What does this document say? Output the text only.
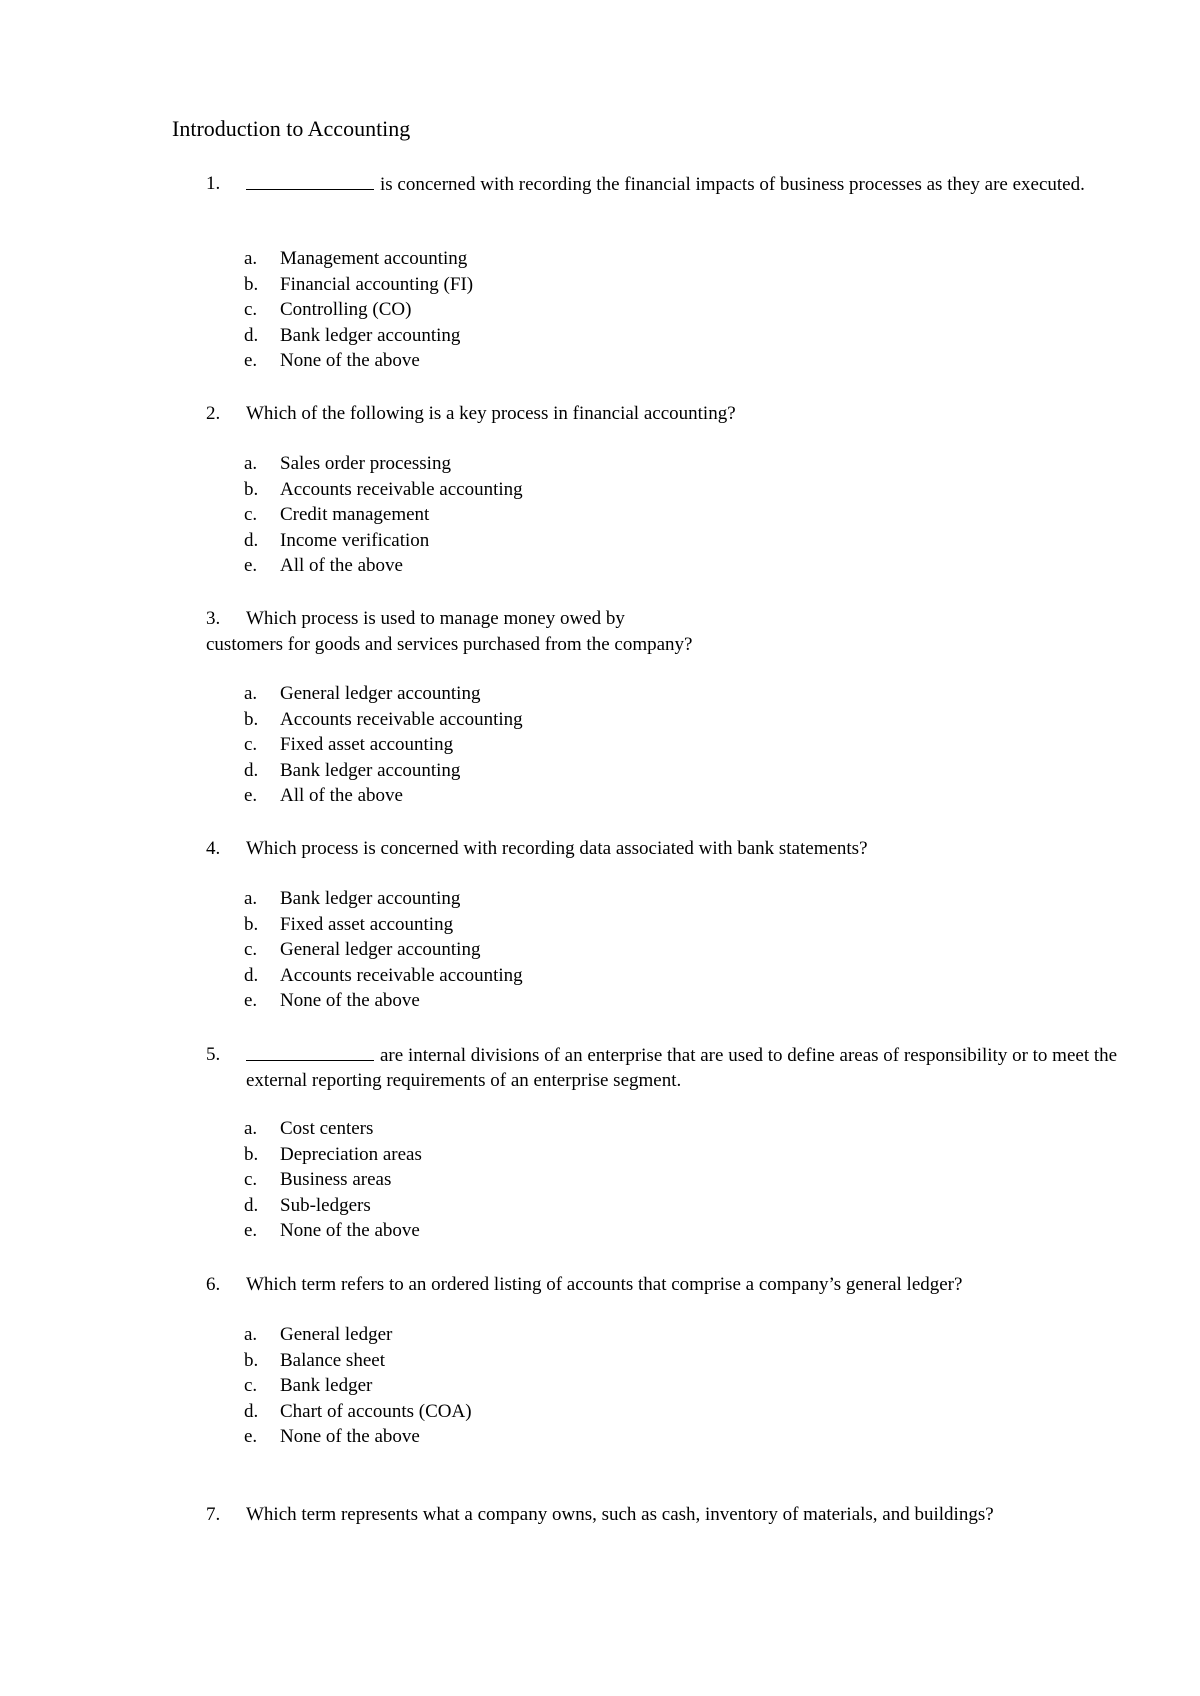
Introduction to Accounting
1.	is concerned with recording the financial impacts of business processes as they are executed.
a.	Management accounting
b.	Financial accounting (FI)
c.	Controlling (CO)
d.	Bank ledger accounting
e.	None of the above
2. Which of the following is a key process in financial accounting?
a.	Sales order processing
b.	Accounts receivable accounting
c.	Credit management
d.	Income verification
e.	All of the above
3. Which process is used to manage money owed by
customers for goods and services purchased from the company?
a.	General ledger accounting
b.	Accounts receivable accounting
c.	Fixed asset accounting
d.	Bank ledger accounting
e.	All of the above
4. Which process is concerned with recording data associated with bank statements?
a.	Bank ledger accounting
b.	Fixed asset accounting
c.	General ledger accounting
d.	Accounts receivable accounting
e.	None of the above
5.	are internal divisions of an enterprise that are used to define areas of responsibility or to meet the external reporting requirements of an enterprise segment.
a.	Cost centers
b.	Depreciation areas
c.	Business areas
d.	Sub-ledgers
e.	None of the above
6. Which term refers to an ordered listing of accounts that comprise a company’s general ledger?
a.	General ledger
b.	Balance sheet
c.	Bank ledger
d.	Chart of accounts (COA)
e.	None of the above
7. Which term represents what a company owns, such as cash, inventory of materials, and buildings?
